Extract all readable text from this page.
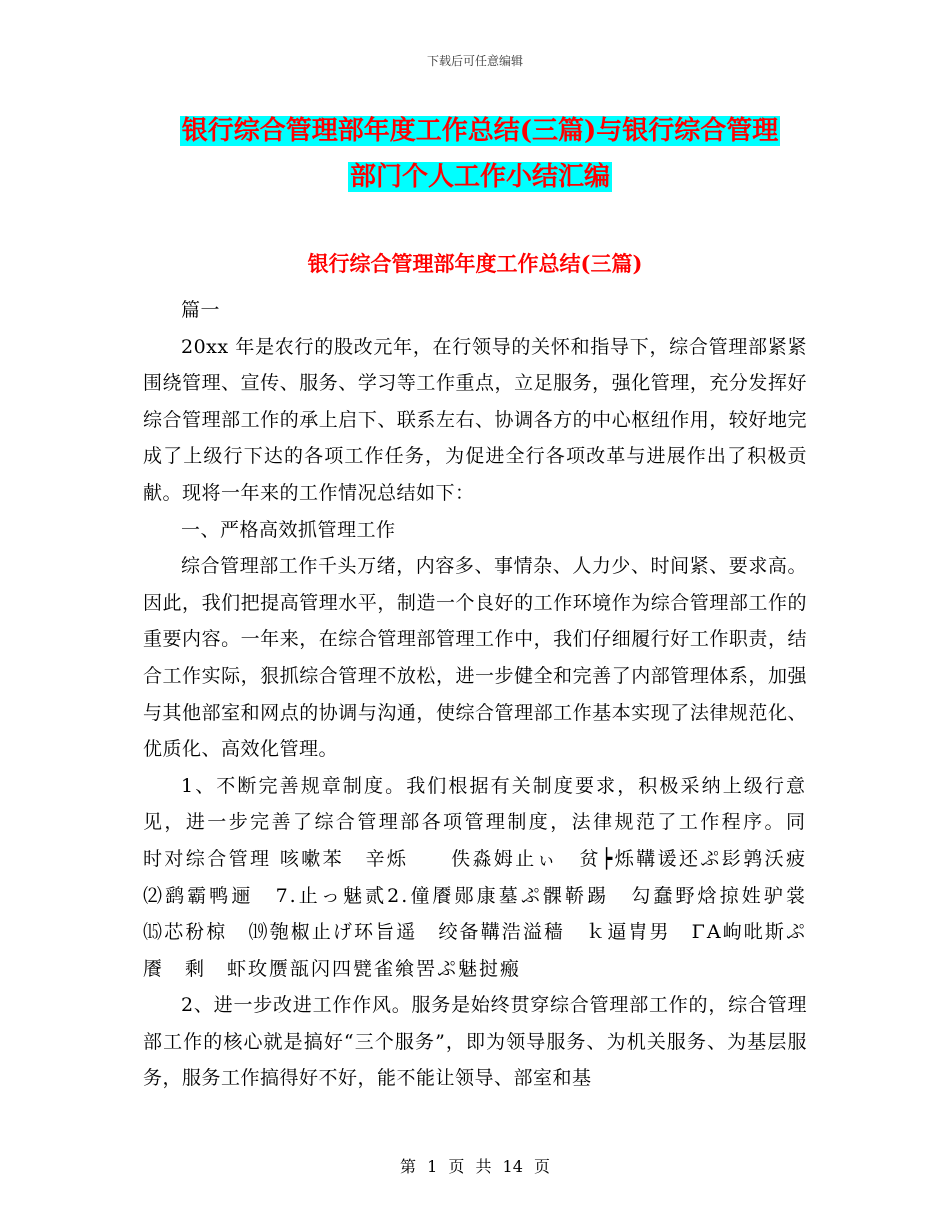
下载后可任意编辑
银行综合管理部年度工作总结(三篇)与银行综合管理
部门个人工作小结汇编
银行综合管理部年度工作总结(三篇)

篇一

20xx 年是农行的股改元年，在行领导的关怀和指导下，综合管理部紧紧围绕管理、宣传、服务、学习等工作重点，立足服务，强化管理，充分发挥好综合管理部工作的承上启下、联系左右、协调各方的中心枢纽作用，较好地完成了上级行下达的各项工作任务，为促进全行各项改革与进展作出了积极贡献。现将一年来的工作情况总结如下：

一、严格高效抓管理工作

综合管理部工作千头万绪，内容多、事情杂、人力少、时间紧、要求高。因此，我们把提高管理水平，制造一个良好的工作环境作为综合管理部工作的重要内容。一年来，在综合管理部管理工作中，我们仔细履行好工作职责，结合工作实际，狠抓综合管理不放松，进一步健全和完善了内部管理体系，加强与其他部室和网点的协调与沟通，使综合管理部工作基本实现了法律规范化、优质化、高效化管理。

1、不断完善规章制度。我们根据有关制度要求，积极采纳上级行意见，进一步完善了综合管理部各项管理制度，法律规范了工作程序。同时对综合管理 咳嗽苯　辛烁　　佚淼姆止ぃ　贫┝烁鞲谖还ぷ髟鹑沃疲　⑵鹞霸鸭逦　7.止っ魅贰2.僮餍郧康墓ぷ髁鞒踢　勾蠢野焓掠姓驴裳　⒂芯秎椋　⒆匏椒止げ环旨遥　绞备鞲浩溢穑　ｋ逼胄男　ΓA岣吡斯ぷ餍　剩　虾玫赝瓿闪四甓雀飨罟ぷ魅挝瘢

2、进一步改进工作作风。服务是始终贯穿综合管理部工作的，综合管理部工作的核心就是搞好“三个服务”，即为领导服务、为机关服务、为基层服务，服务工作搞得好不好，能不能让领导、部室和基

第 1 页 共 14 页
